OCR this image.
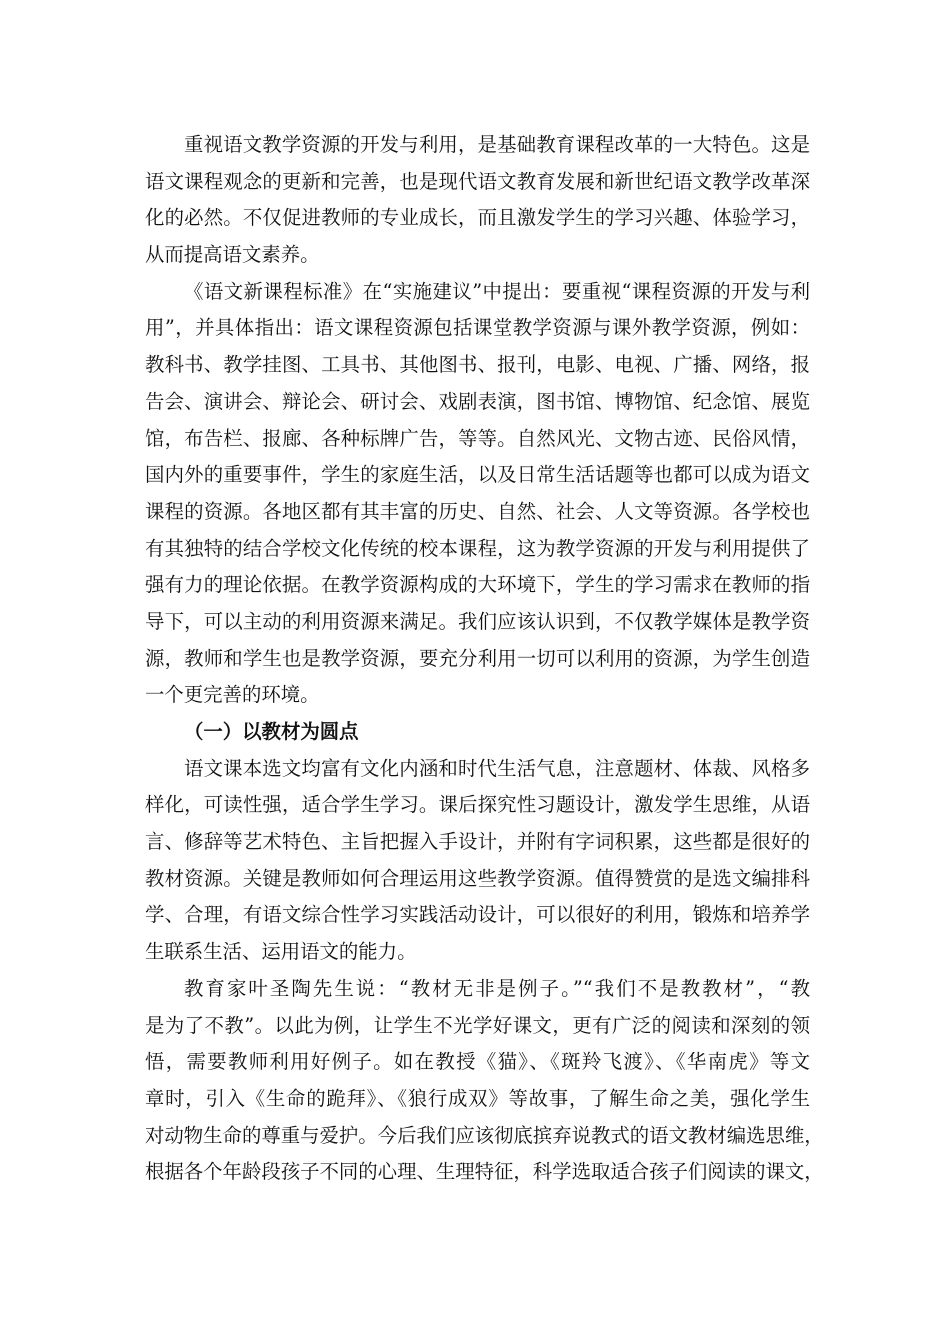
重视语文教学资源的开发与利用，是基础教育课程改革的一大特色。这是
语文课程观念的更新和完善，也是现代语文教育发展和新世纪语文教学改革深
化的必然。不仅促进教师的专业成长，而且激发学生的学习兴趣、体验学习，
从而提高语文素养。
《语文新课程标准》在“实施建议”中提出：要重视“课程资源的开发与利
用”，并具体指出：语文课程资源包括课堂教学资源与课外教学资源，例如：
教科书、教学挂图、工具书、其他图书、报刊，电影、电视、广播、网络，报
告会、演讲会、辩论会、研讨会、戏剧表演，图书馆、博物馆、纪念馆、展览
馆，布告栏、报廊、各种标牌广告，等等。自然风光、文物古迹、民俗风情，
国内外的重要事件，学生的家庭生活，以及日常生活话题等也都可以成为语文
课程的资源。各地区都有其丰富的历史、自然、社会、人文等资源。各学校也
有其独特的结合学校文化传统的校本课程，这为教学资源的开发与利用提供了
强有力的理论依据。在教学资源构成的大环境下，学生的学习需求在教师的指
导下，可以主动的利用资源来满足。我们应该认识到，不仅教学媒体是教学资
源，教师和学生也是教学资源，要充分利用一切可以利用的资源，为学生创造
一个更完善的环境。
（一）以教材为圆点
语文课本选文均富有文化内涵和时代生活气息，注意题材、体裁、风格多
样化，可读性强，适合学生学习。课后探究性习题设计，激发学生思维，从语
言、修辞等艺术特色、主旨把握入手设计，并附有字词积累，这些都是很好的
教材资源。关键是教师如何合理运用这些教学资源。值得赞赏的是选文编排科
学、合理，有语文综合性学习实践活动设计，可以很好的利用，锻炼和培养学
生联系生活、运用语文的能力。
教育家叶圣陶先生说：“教材无非是例子。”“我们不是教教材”，“教
是为了不教”。以此为例，让学生不光学好课文，更有广泛的阅读和深刻的领
悟，需要教师利用好例子。如在教授《猫》、《斑羚飞渡》、《华南虎》等文
章时，引入《生命的跪拜》、《狼行成双》等故事，了解生命之美，强化学生
对动物生命的尊重与爱护。今后我们应该彻底摈弃说教式的语文教材编选思维，
根据各个年龄段孩子不同的心理、生理特征，科学选取适合孩子们阅读的课文，
